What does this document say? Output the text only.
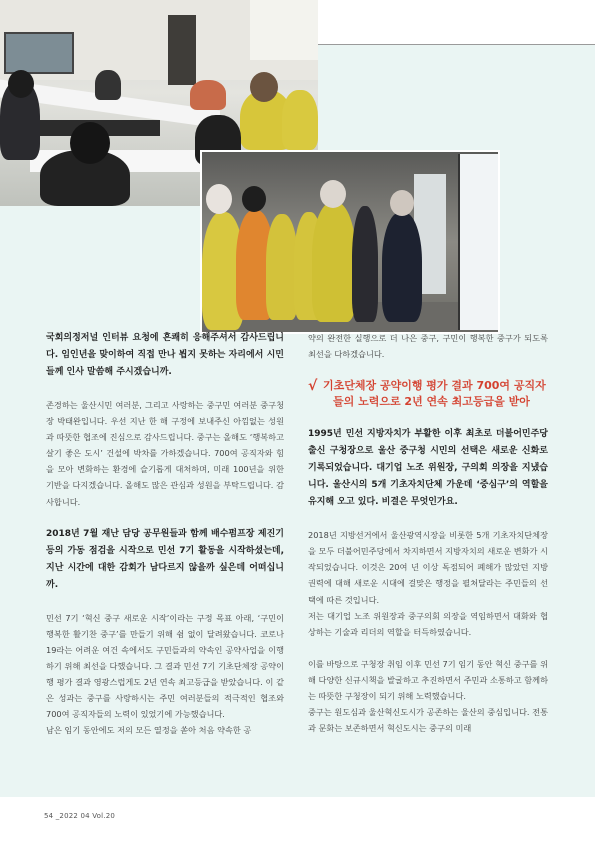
국회의정저널 인터뷰 요청에 흔쾌히 응해주셔서 감사드립니다. 임인년을 맞이하여 직접 만나 뵙지 못하는 자리에서 시민들께 인사 말씀해 주시겠습니까.

존경하는 울산시민 여러분, 그리고 사랑하는 중구민 여러분 중구청장 박태완입니다. 우선 지난 한 해 구정에 보내주신 아낌없는 성원과 따뜻한 협조에 진심으로 감사드립니다. 중구는 올해도 ‘행복하고 살기 좋은 도시’ 건설에 박차를 가하겠습니다. 700여 공직자와 힘을 모아 변화하는 환경에 슬기롭게 대처하며, 미래 100년을 위한 기반을 다지겠습니다. 올해도 많은 관심과 성원을 부탁드립니다. 감사합니다.

2018년 7월 재난 담당 공무원들과 함께 배수펌프장 제진기 등의 가동 점검을 시작으로 민선 7기 활동을 시작하셨는데, 지난 시간에 대한 감회가 남다르지 않을까 싶은데 어떠십니까.

민선 7기 ‘혁신 중구 새로운 시작’이라는 구정 목표 아래, ‘구민이 행복한 활기찬 중구’를 만들기 위해 쉼 없이 달려왔습니다. 코로나 19라는 어려운 여건 속에서도 구민들과의 약속인 공약사업을 이행하기 위해 최선을 다했습니다. 그 결과 민선 7기 기초단체장 공약이행 평가 결과 영광스럽게도 2년 연속 최고등급을 받았습니다. 이 같은 성과는 중구를 사랑하시는 주민 여러분들의 적극적인 협조와 700여 공직자들의 노력이 있었기에 가능했습니다.

남은 임기 동안에도 저의 모든 열정을 쏟아 처음 약속한 공

약의 완전한 실행으로 더 나은 중구, 구민이 행복한 중구가 되도록 최선을 다하겠습니다.

√ 기초단체장 공약이행 평가 결과 700여 공직자
들의 노력으로 2년 연속 최고등급을 받아

1995년 민선 지방자치가 부활한 이후 최초로 더불어민주당 출신 구청장으로 울산 중구청 시민의 선택은 새로운 신화로 기록되었습니다. 대기업 노조 위원장, 구의회 의장을 지냈습니다. 울산시의 5개 기초자치단체 가운데 ‘중심구’의 역할을 유지해 오고 있다. 비결은 무엇인가요.

2018년 지방선거에서 울산광역시장을 비롯한 5개 기초자치단체장을 모두 더불어민주당에서 차지하면서 지방자치의 새로운 변화가 시작되었습니다. 이것은 20여 년 이상 독점되어 폐해가 많았던 지방 권력에 대해 새로운 시대에 걸맞은 행정을 펼쳐달라는 주민들의 선택에 따른 것입니다.

저는 대기업 노조 위원장과 중구의회 의장을 역임하면서 대화와 협상하는 기술과 리더의 역할을 터득하였습니다.

이를 바탕으로 구청장 취임 이후 민선 7기 임기 동안 혁신 중구를 위해 다양한 신규시책을 발굴하고 추진하면서 주민과 소통하고 함께하는 따뜻한 구청장이 되기 위해 노력했습니다.

중구는 원도심과 울산혁신도시가 공존하는 울산의 중심입니다. 전통과 문화는 보존하면서 혁신도시는 중구의 미래

54 _2022 04 Vol.20
